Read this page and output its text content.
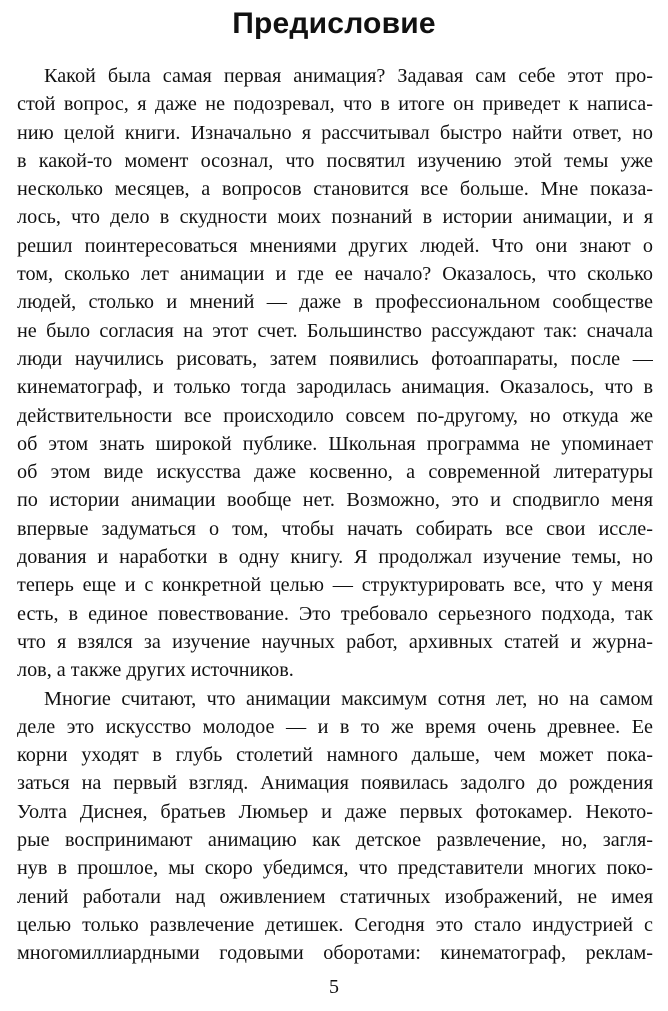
Предисловие
Какой была самая первая анимация? Задавая сам себе этот про-
стой вопрос, я даже не подозревал, что в итоге он приведет к написа-
нию целой книги. Изначально я рассчитывал быстро найти ответ, но
в какой-то момент осознал, что посвятил изучению этой темы уже
несколько месяцев, а вопросов становится все больше. Мне показа-
лось, что дело в скудности моих познаний в истории анимации, и я
решил поинтересоваться мнениями других людей. Что они знают о
том, сколько лет анимации и где ее начало? Оказалось, что сколько
людей, столько и мнений — даже в профессиональном сообществе
не было согласия на этот счет. Большинство рассуждают так: сначала
люди научились рисовать, затем появились фотоаппараты, после —
кинематограф, и только тогда зародилась анимация. Оказалось, что в
действительности все происходило совсем по-другому, но откуда же
об этом знать широкой публике. Школьная программа не упоминает
об этом виде искусства даже косвенно, а современной литературы
по истории анимации вообще нет. Возможно, это и сподвигло меня
впервые задуматься о том, чтобы начать собирать все свои иссле-
дования и наработки в одну книгу. Я продолжал изучение темы, но
теперь еще и с конкретной целью — структурировать все, что у меня
есть, в единое повествование. Это требовало серьезного подхода, так
что я взялся за изучение научных работ, архивных статей и журна-
лов, а также других источников.
Многие считают, что анимации максимум сотня лет, но на самом
деле это искусство молодое — и в то же время очень древнее. Ее
корни уходят в глубь столетий намного дальше, чем может пока-
заться на первый взгляд. Анимация появилась задолго до рождения
Уолта Диснея, братьев Люмьер и даже первых фотокамер. Некото-
рые воспринимают анимацию как детское развлечение, но, загля-
нув в прошлое, мы скоро убедимся, что представители многих поко-
лений работали над оживлением статичных изображений, не имея
целью только развлечение детишек. Сегодня это стало индустрией с
многомиллиардными годовыми оборотами: кинематограф, реклам-
5
